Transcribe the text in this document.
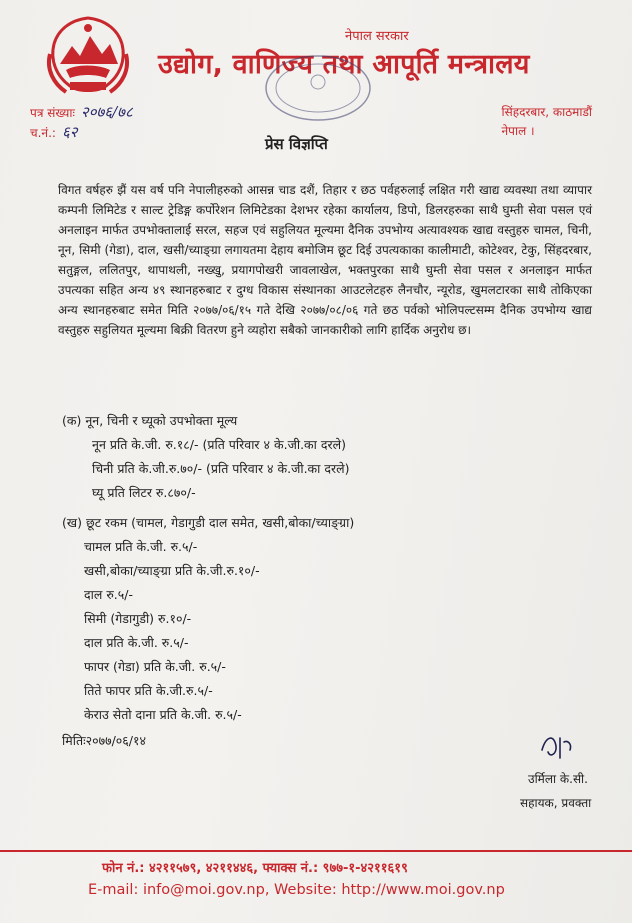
नेपाल सरकार
उद्योग, वाणिज्य तथा आपूर्ति मन्त्रालय
पत्र संख्याः २०७६/७८
च.नं.: ६२
सिंहदरबार, काठमाडौं
नेपाल ।
प्रेस विज्ञप्ति
विगत वर्षहरु झैं यस वर्ष पनि नेपालीहरुको आसन्न चाड दशैं, तिहार र छठ पर्वहरुलाई लक्षित गरी खाद्य व्यवस्था तथा व्यापार कम्पनी लिमिटेड र साल्ट ट्रेडिङ्ग कर्पोरेशन लिमिटेडका देशभर रहेका कार्यालय, डिपो, डिलरहरुका साथै घुम्ती सेवा पसल एवं अनलाइन मार्फत उपभोक्तालाई सरल, सहज एवं सहुलियत मूल्यमा दैनिक उपभोग्य अत्यावश्यक खाद्य वस्तुहरु चामल, चिनी, नून, सिमी (गेडा), दाल, खसी/च्याङ्ग्रा लगायतमा देहाय बमोजिम छूट दिई उपत्यकाका कालीमाटी, कोटेश्वर, टेकु, सिंहदरबार, सतुङ्गल, ललितपुर, थापाथली, नख्खु, प्रयागपोखरी जावलाखेल, भक्तपुरका साथै घुम्ती सेवा पसल र अनलाइन मार्फत उपत्यका सहित अन्य ४९ स्थानहरुबाट र दुग्ध विकास संस्थानका आउटलेटहरु लैनचौर, न्यूरोड, खुमलटारका साथै तोकिएका अन्य स्थानहरुबाट समेत मिति २०७७/०६/१५ गते देखि २०७७/०८/०६ गते छठ पर्वको भोलिपल्टसम्म दैनिक उपभोग्य खाद्य वस्तुहरु सहुलियत मूल्यमा बिक्री वितरण हुने व्यहोरा सबैको जानकारीको लागि हार्दिक अनुरोध छ।
(क) नून, चिनी र घ्यूको उपभोक्ता मूल्य
नून प्रति के.जी. रु.१८/- (प्रति परिवार ४ के.जी.का दरले)
चिनी प्रति के.जी.रु.७०/- (प्रति परिवार ४ के.जी.का दरले)
घ्यू प्रति लिटर रु.८७०/-
(ख) छूट रकम (चामल, गेडागुडी दाल समेत, खसी,बोका/च्याङ्ग्रा)
चामल प्रति के.जी. रु.५/-
खसी,बोका/च्याङ्ग्रा प्रति के.जी.रु.१०/-
दाल रु.५/-
सिमी (गेडागुडी) रु.१०/-
दाल प्रति के.जी. रु.५/-
फापर (गेडा) प्रति के.जी. रु.५/-
तिते फापर प्रति के.जी.रु.५/-
केराउ सेतो दाना प्रति के.जी. रु.५/-
मितिः२०७७/०६/१४
उर्मिला के.सी.
सहायक, प्रवक्ता
फोन नं.: ४२११५७९, ४२११४४६, फ्याक्स नं.: ९७७-१-४२११६१९
E-mail: info@moi.gov.np, Website: http://www.moi.gov.np
